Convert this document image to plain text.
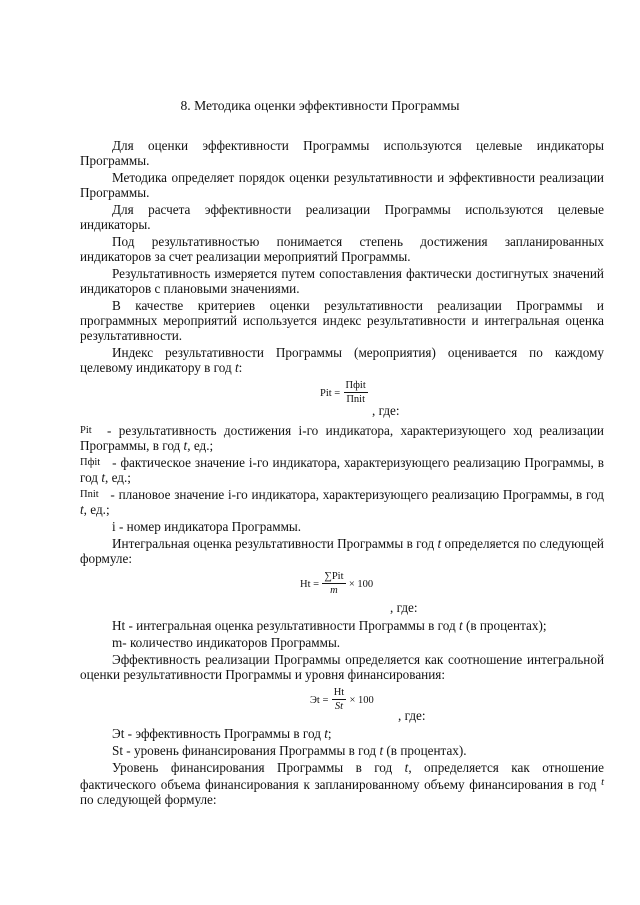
8. Методика оценки эффективности Программы
Для оценки эффективности Программы используются целевые индикаторы Программы.
Методика определяет порядок оценки результативности и эффективности реализации Программы.
Для расчета эффективности реализации Программы используются целевые индикаторы.
Под результативностью понимается степень достижения запланированных индикаторов за счет реализации мероприятий Программы.
Результативность измеряется путем сопоставления фактически достигнутых значений индикаторов с плановыми значениями.
В качестве критериев оценки результативности реализации Программы и программных мероприятий используется индекс результативности и интегральная оценка результативности.
Индекс результативности Программы (мероприятия) оценивается по каждому целевому индикатору в год t:
Pit = $\frac{\text{Пфit}}{\text{Пnit}}$
, где:
Pit - результативность достижения i-го индикатора, характеризующего ход реализации Программы, в год t, ед.;
Пфit - фактическое значение i-го индикатора, характеризующего реализацию Программы, в год t, ед.;
Пnit - плановое значение i-го индикатора, характеризующего реализацию Программы, в год t, ед.;
i - номер индикатора Программы.
Интегральная оценка результативности Программы в год t определяется по следующей формуле:
$Ht = \frac{\text{∑Pit}}{m} \times 100$
, где:
Ht - интегральная оценка результативности Программы в год t (в процентах);
m- количество индикаторов Программы.
Эффективность реализации Программы определяется как соотношение интегральной оценки результативности Программы и уровня финансирования:
Эt = $\frac{Ht}{St} \times 100$
, где:
Эt - эффективность Программы в год t;
St - уровень финансирования Программы в год t (в процентах).
Уровень финансирования Программы в год t, определяется как отношение фактического объема финансирования к запланированному объему финансирования в год $^t$ по следующей формуле:
